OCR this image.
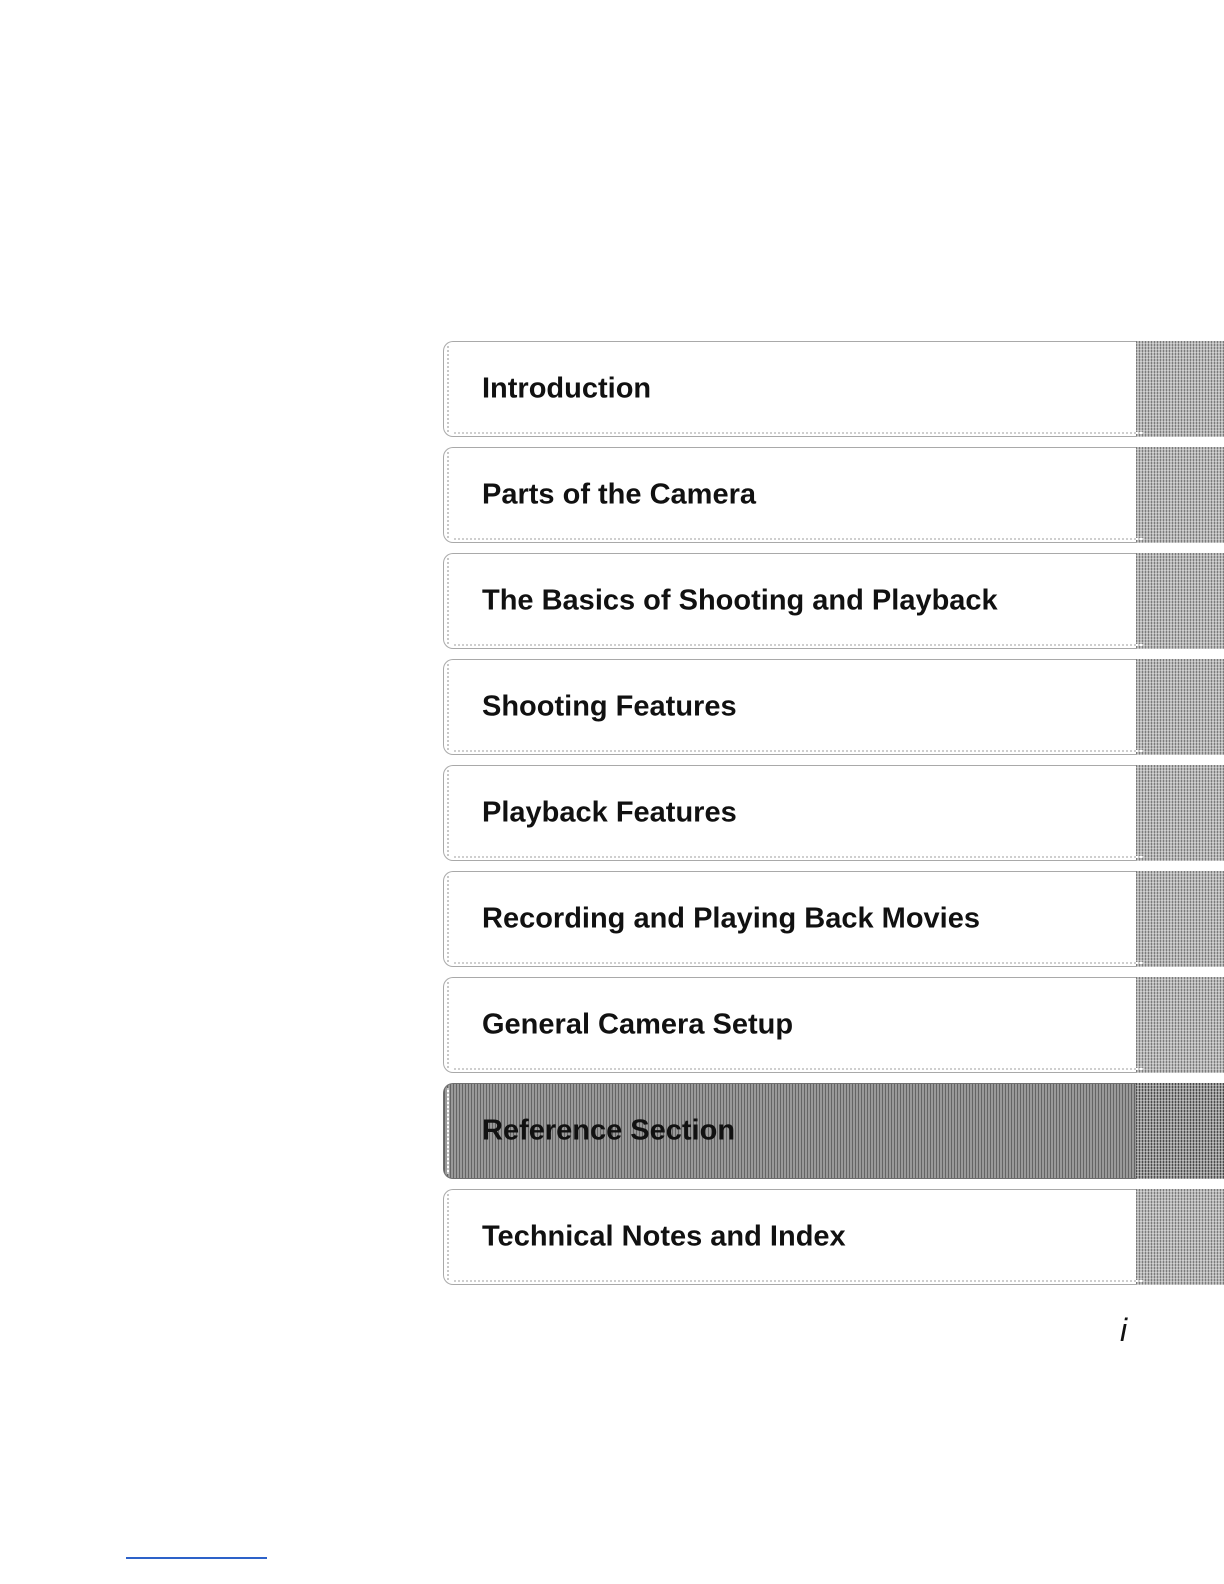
Introduction
Parts of the Camera
The Basics of Shooting and Playback
Shooting Features
Playback Features
Recording and Playing Back Movies
General Camera Setup
Reference Section
Technical Notes and Index
i
